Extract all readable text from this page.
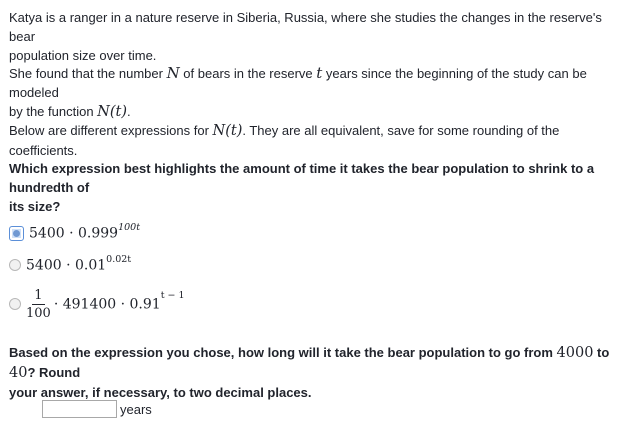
Katya is a ranger in a nature reserve in Siberia, Russia, where she studies the changes in the reserve's bear
population size over time.
She found that the number N of bears in the reserve t years since the beginning of the study can be modeled
by the function N(t).
Below are different expressions for N(t). They are all equivalent, save for some rounding of the coefficients.
Which expression best highlights the amount of time it takes the bear population to shrink to a hundredth of
its size?
$5400 \cdot 0.999^{100t}$
$5400 \cdot 0.01^{0.02t}$
$\frac{1}{100} \cdot 491400 \cdot 0.91^{t - 1}$
Based on the expression you chose, how long will it take the bear population to go from 4000 to 40? Round
your answer, if necessary, to two decimal places.
years
